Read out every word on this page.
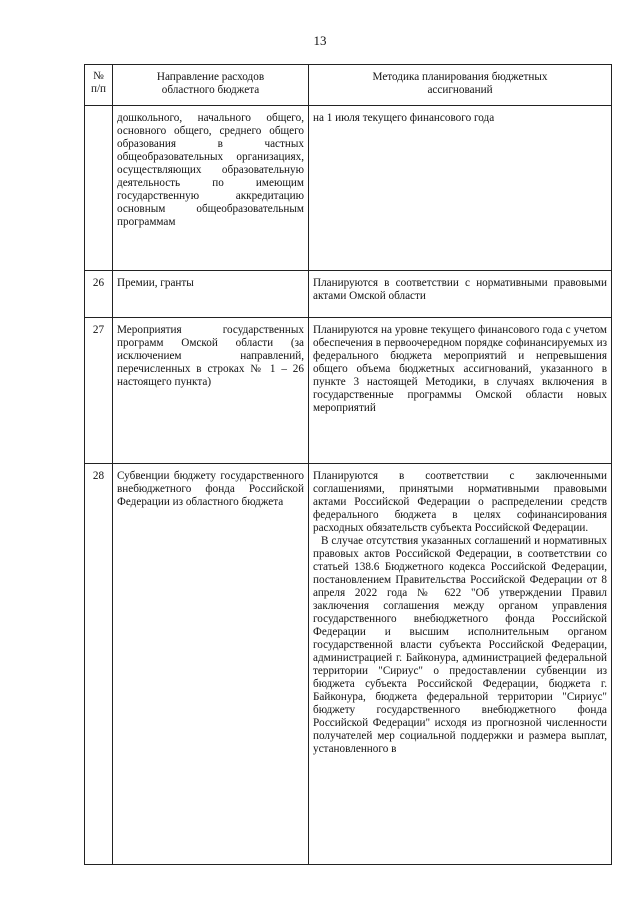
13
№ п/п	Направление расходов областного бюджета	Методика планирования бюджетных ассигнований

	дошкольного, начального общего, основного общего, среднего общего образования в частных общеобразовательных организациях, осуществляющих образовательную деятельность по имеющим государственную аккредитацию основным общеобразовательным программам	на 1 июля текущего финансового года

26	Премии, гранты	Планируются в соответствии с нормативными правовыми актами Омской области

27	Мероприятия государственных программ Омской области (за исключением направлений, перечисленных в строках № 1 – 26 настоящего пункта)	Планируются на уровне текущего финансового года с учетом обеспечения в первоочередном порядке софинансируемых из федерального бюджета мероприятий и непревышения общего объема бюджетных ассигнований, указанного в пункте 3 настоящей Методики, в случаях включения в государственные программы Омской области новых мероприятий

28	Субвенции бюджету государственного внебюджетного фонда Российской Федерации из областного бюджета	Планируются в соответствии с заключенными соглашениями, принятыми нормативными правовыми актами Российской Федерации о распределении средств федерального бюджета в целях софинансирования расходных обязательств субъекта Российской Федерации.

В случае отсутствия указанных соглашений и нормативных правовых актов Российской Федерации, в соответствии со статьей 138.6 Бюджетного кодекса Российской Федерации, постановлением Правительства Российской Федерации от 8 апреля 2022 года № 622 "Об утверждении Правил заключения соглашения между органом управления государственного внебюджетного фонда Российской Федерации и высшим исполнительным органом государственной власти субъекта Российской Федерации, администрацией г. Байконура, администрацией федеральной территории "Сириус" о предоставлении субвенции из бюджета субъекта Российской Федерации, бюджета г. Байконура, бюджета федеральной территории "Сириус" бюджету государственного внебюджетного фонда Российской Федерации" исходя из прогнозной численности получателей мер социальной поддержки и размера выплат, установленного в
